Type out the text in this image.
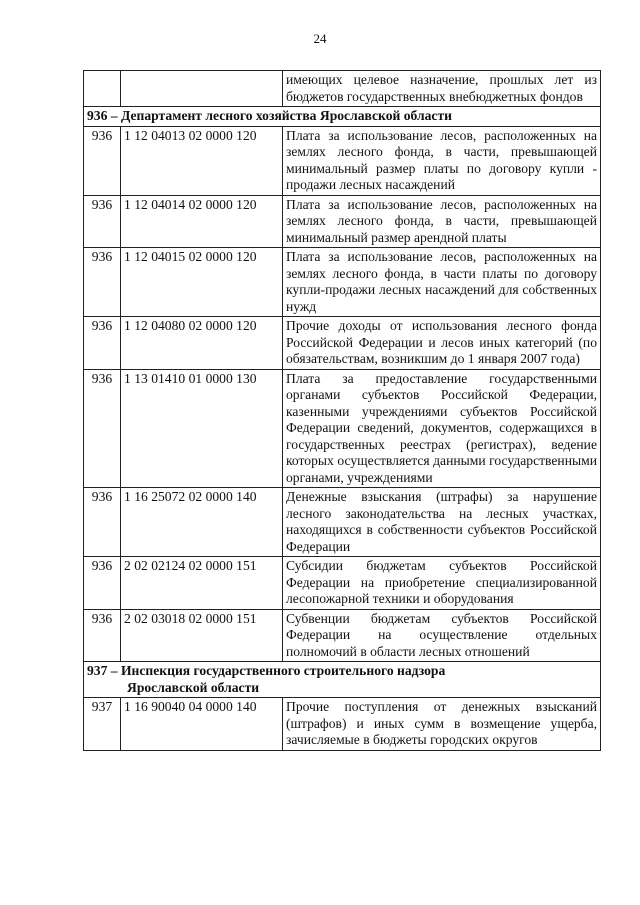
24
		имеющих целевое назначение, прошлых лет из бюджетов государственных внебюджетных фондов
936 – Департамент лесного хозяйства Ярославской области		
936	1 12 04013 02 0000 120	Плата за использование лесов, расположенных на землях лесного фонда, в части, превышающей минимальный размер платы по договору купли - продажи лесных насаждений
936	1 12 04014 02 0000 120	Плата за использование лесов, расположенных на землях лесного фонда, в части, превышающей минимальный размер арендной платы
936	1 12 04015 02 0000 120	Плата за использование лесов, расположенных на землях лесного фонда, в части платы по договору купли-продажи лесных насаждений для собственных нужд
936	1 12 04080 02 0000 120	Прочие доходы от использования лесного фонда Российской Федерации и лесов иных категорий (по обязательствам, возникшим до 1 января 2007 года)
936	1 13 01410 01 0000 130	Плата за предоставление государственными органами субъектов Российской Федерации, казенными учреждениями субъектов Российской Федерации сведений, документов, содержащихся в государственных реестрах (регистрах), ведение которых осуществляется данными государственными органами, учреждениями
936	1 16 25072 02 0000 140	Денежные взыскания (штрафы) за нарушение лесного законодательства на лесных участках, находящихся в собственности субъектов Российской Федерации
936	2 02 02124 02 0000 151	Субсидии бюджетам субъектов Российской Федерации на приобретение специализированной лесопожарной техники и оборудования
936	2 02 03018 02 0000 151	Субвенции бюджетам субъектов Российской Федерации на осуществление отдельных полномочий в области лесных отношений
937 – Инспекция государственного строительного надзора
Ярославской области		

937	1 16 90040 04 0000 140	Прочие поступления от денежных взысканий (штрафов) и иных сумм в возмещение ущерба, зачисляемые в бюджеты городских округов
